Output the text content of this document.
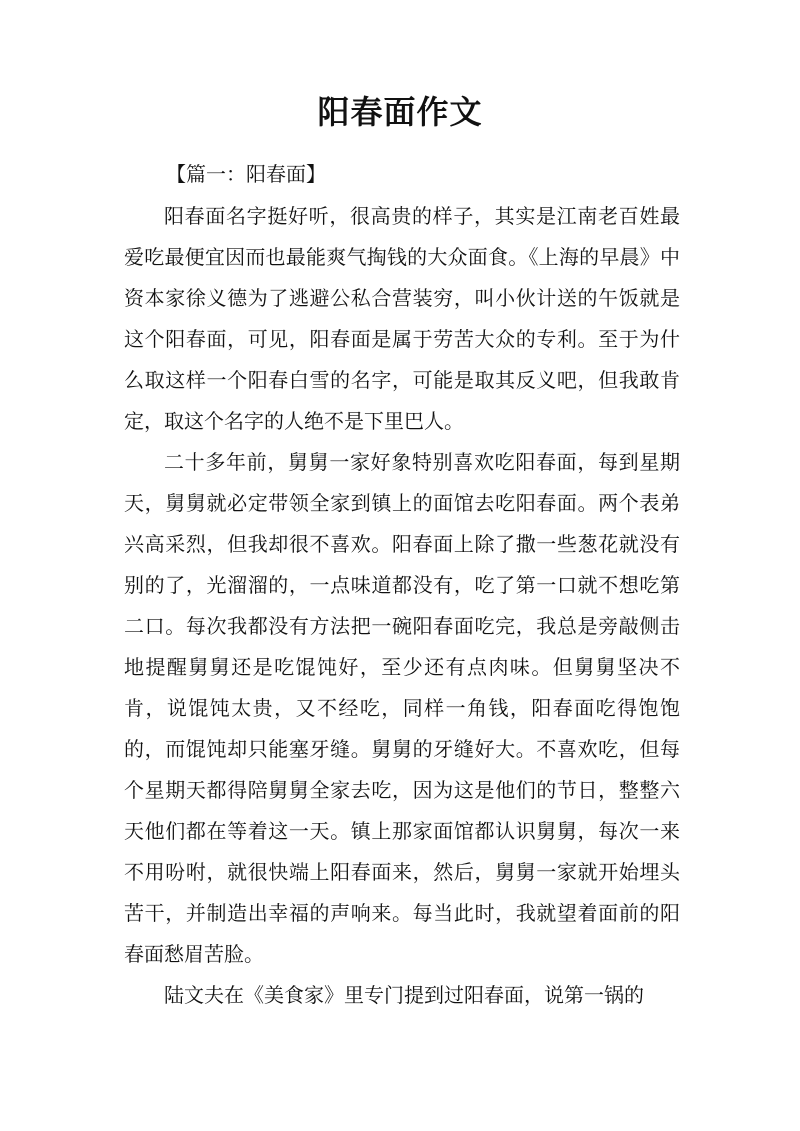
阳春面作文
【篇一：阳春面】

阳春面名字挺好听，很高贵的样子，其实是江南老百姓最爱吃最便宜因而也最能爽气掏钱的大众面食。《上海的早晨》中资本家徐义德为了逃避公私合营装穷，叫小伙计送的午饭就是这个阳春面，可见，阳春面是属于劳苦大众的专利。至于为什么取这样一个阳春白雪的名字，可能是取其反义吧，但我敢肯定，取这个名字的人绝不是下里巴人。

二十多年前，舅舅一家好象特别喜欢吃阳春面，每到星期天，舅舅就必定带领全家到镇上的面馆去吃阳春面。两个表弟兴高采烈，但我却很不喜欢。阳春面上除了撒一些葱花就没有别的了，光溜溜的，一点味道都没有，吃了第一口就不想吃第二口。每次我都没有方法把一碗阳春面吃完，我总是旁敲侧击地提醒舅舅还是吃馄饨好，至少还有点肉味。但舅舅坚决不肯，说馄饨太贵，又不经吃，同样一角钱，阳春面吃得饱饱的，而馄饨却只能塞牙缝。舅舅的牙缝好大。不喜欢吃，但每个星期天都得陪舅舅全家去吃，因为这是他们的节日，整整六天他们都在等着这一天。镇上那家面馆都认识舅舅，每次一来不用吩咐，就很快端上阳春面来，然后，舅舅一家就开始埋头苦干，并制造出幸福的声响来。每当此时，我就望着面前的阳春面愁眉苦脸。

陆文夫在《美食家》里专门提到过阳春面，说第一锅的
